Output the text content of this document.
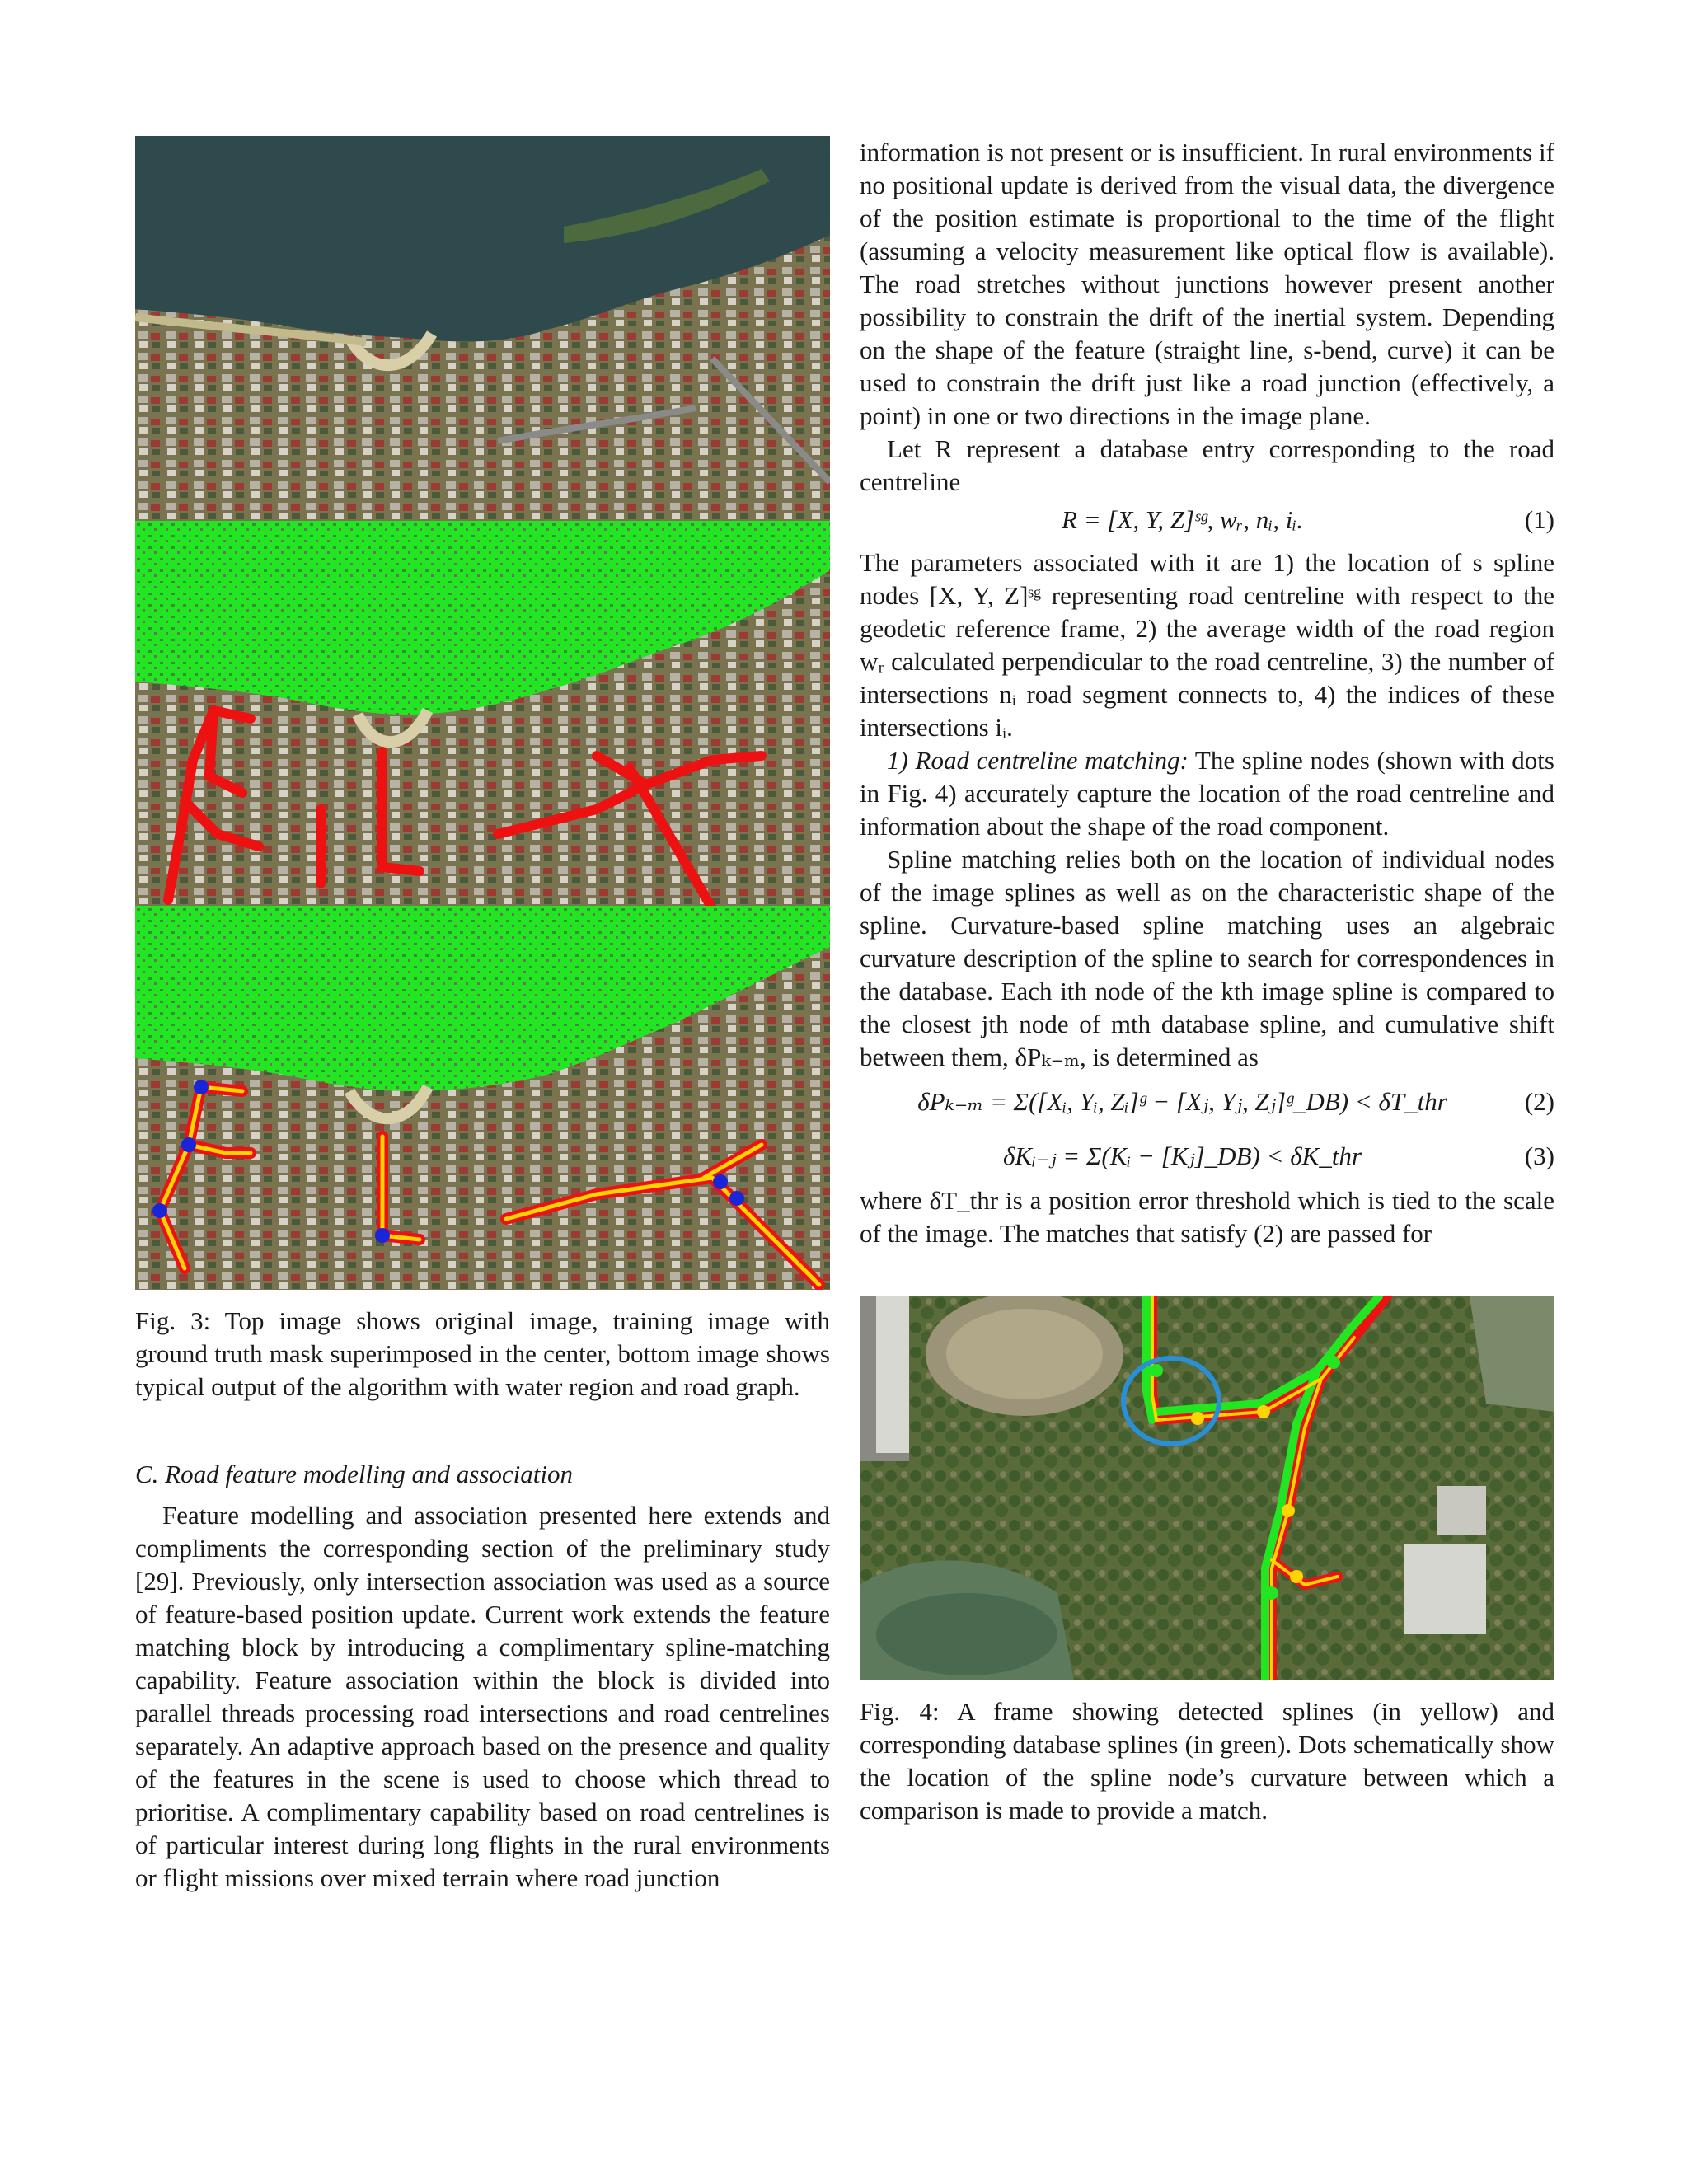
Fig. 3: Top image shows original image, training image with ground truth mask superimposed in the center, bottom image shows typical output of the algorithm with water region and road graph.

C. Road feature modelling and association

Feature modelling and association presented here extends and compliments the corresponding section of the preliminary study [29]. Previously, only intersection association was used as a source of feature-based position update. Current work extends the feature matching block by introducing a complimentary spline-matching capability. Feature association within the block is divided into parallel threads processing road intersections and road centrelines separately. An adaptive approach based on the presence and quality of the features in the scene is used to choose which thread to prioritise. A complimentary capability based on road centrelines is of particular interest during long flights in the rural environments or flight missions over mixed terrain where road junction

information is not present or is insufficient. In rural environments if no positional update is derived from the visual data, the divergence of the position estimate is proportional to the time of the flight (assuming a velocity measurement like optical flow is available). The road stretches without junctions however present another possibility to constrain the drift of the inertial system. Depending on the shape of the feature (straight line, s-bend, curve) it can be used to constrain the drift just like a road junction (effectively, a point) in one or two directions in the image plane.

Let R represent a database entry corresponding to the road centreline

R = [X, Y, Z]ˢᵍ, wᵣ, nᵢ, iᵢ.	(1)

The parameters associated with it are 1) the location of s spline nodes [X, Y, Z]ˢᵍ representing road centreline with respect to the geodetic reference frame, 2) the average width of the road region wᵣ calculated perpendicular to the road centreline, 3) the number of intersections nᵢ road segment connects to, 4) the indices of these intersections iᵢ.

1) Road centreline matching: The spline nodes (shown with dots in Fig. 4) accurately capture the location of the road centreline and information about the shape of the road component.

Spline matching relies both on the location of individual nodes of the image splines as well as on the characteristic shape of the spline. Curvature-based spline matching uses an algebraic curvature description of the spline to search for correspondences in the database. Each ith node of the kth image spline is compared to the closest jth node of mth database spline, and cumulative shift between them, δPₖ₋ₘ, is determined as

δPₖ₋ₘ = Σ([Xᵢ, Yᵢ, Zᵢ]ᵍ − [Xⱼ, Yⱼ, Zⱼ]ᵍ_DB) < δT_thr	(2)
δKᵢ₋ⱼ = Σ(Kᵢ − [Kⱼ]_DB) < δK_thr	(3)

where δT_thr is a position error threshold which is tied to the scale of the image. The matches that satisfy (2) are passed for

Fig. 4: A frame showing detected splines (in yellow) and corresponding database splines (in green). Dots schematically show the location of the spline node’s curvature between which a comparison is made to provide a match.
